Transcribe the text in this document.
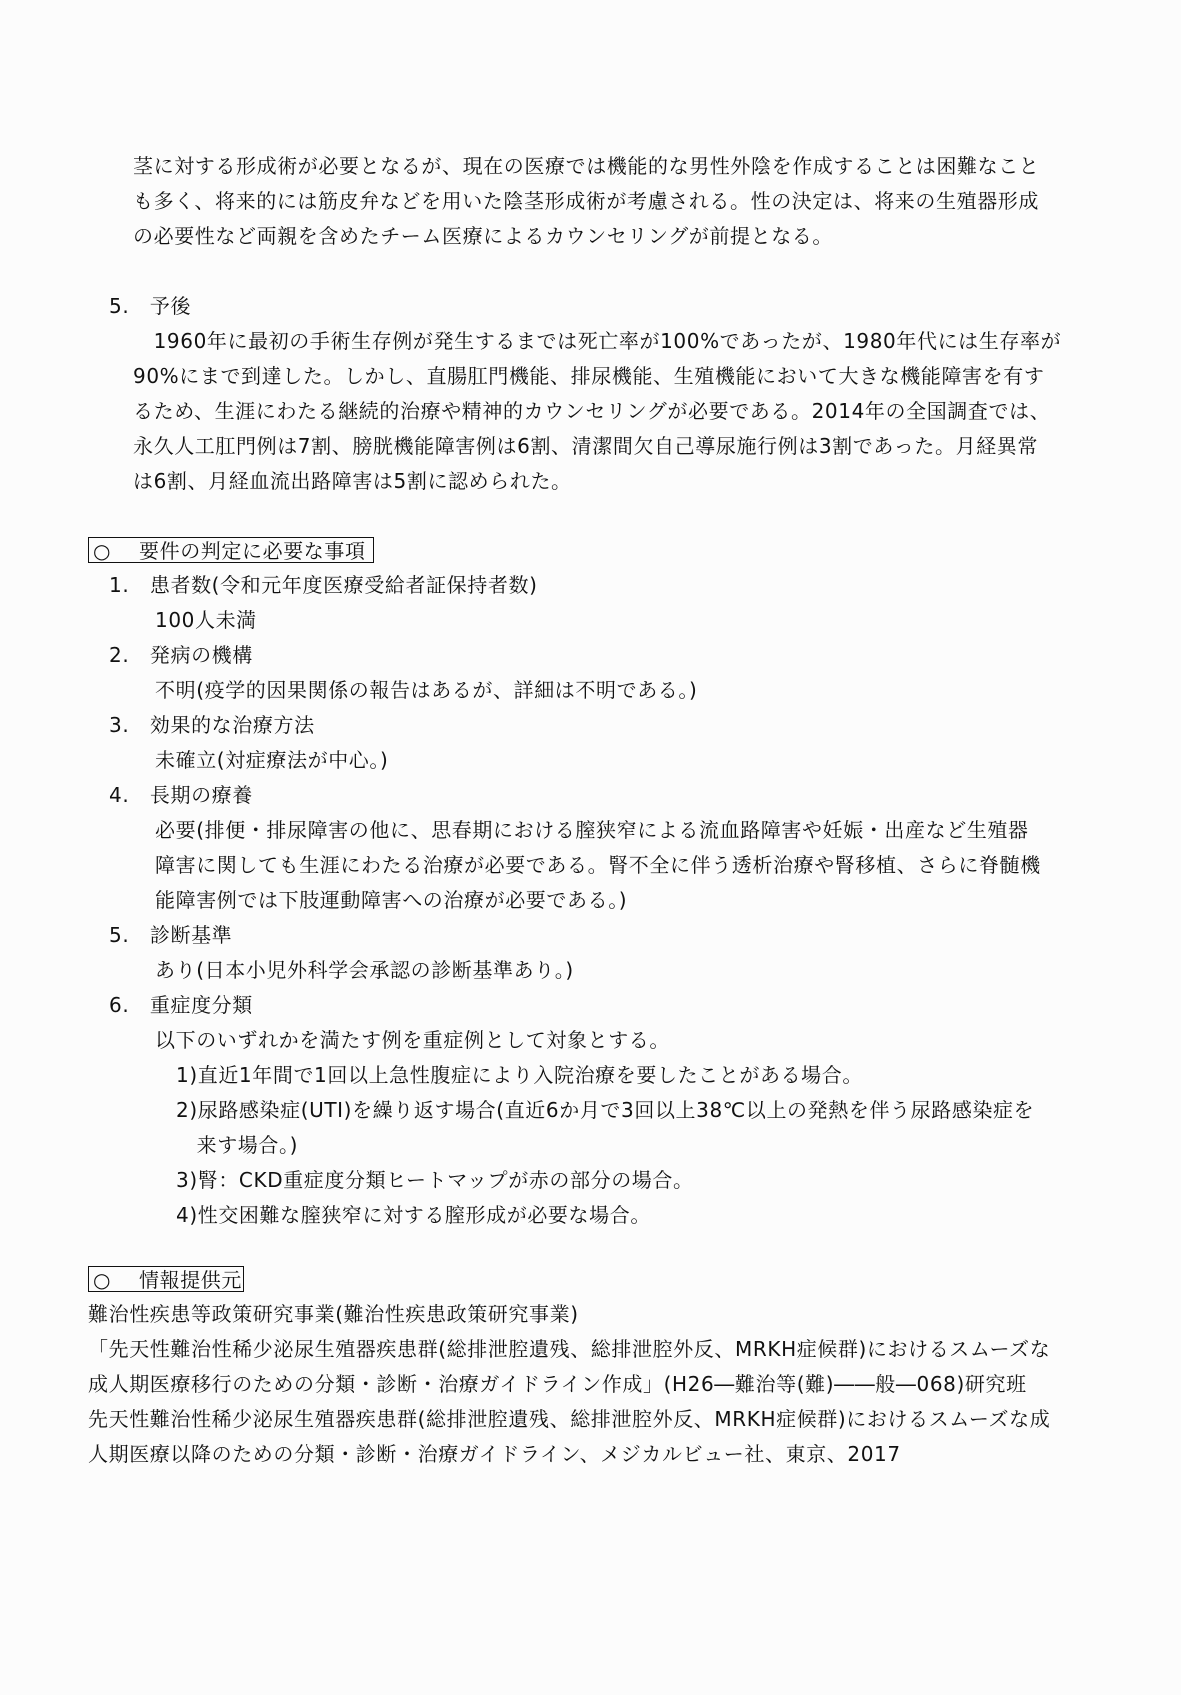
茎に対する形成術が必要となるが、現在の医療では機能的な男性外陰を作成することは困難なこと
も多く、将来的には筋皮弁などを用いた陰茎形成術が考慮される。性の決定は、将来の生殖器形成
の必要性など両親を含めたチーム医療によるカウンセリングが前提となる。
5.　予後
　1960年に最初の手術生存例が発生するまでは死亡率が100%であったが、1980年代には生存率が
90%にまで到達した。しかし、直腸肛門機能、排尿機能、生殖機能において大きな機能障害を有す
るため、生涯にわたる継続的治療や精神的カウンセリングが必要である。2014年の全国調査では、
永久人工肛門例は7割、膀胱機能障害例は6割、清潔間欠自己導尿施行例は3割であった。月経異常
は6割、月経血流出路障害は5割に認められた。
○ 要件の判定に必要な事項
1.　患者数(令和元年度医療受給者証保持者数)
100人未満
2.　発病の機構
不明(疫学的因果関係の報告はあるが、詳細は不明である。)
3.　効果的な治療方法
未確立(対症療法が中心。)
4.　長期の療養
必要(排便・排尿障害の他に、思春期における膣狭窄による流血路障害や妊娠・出産など生殖器
障害に関しても生涯にわたる治療が必要である。腎不全に伴う透析治療や腎移植、さらに脊髄機
能障害例では下肢運動障害への治療が必要である。)
5.　診断基準
あり(日本小児外科学会承認の診断基準あり。)
6.　重症度分類
以下のいずれかを満たす例を重症例として対象とする。
1)直近1年間で1回以上急性腹症により入院治療を要したことがある場合。
2)尿路感染症(UTI)を繰り返す場合(直近6か月で3回以上38℃以上の発熱を伴う尿路感染症を
　来す場合。)
3)腎：CKD重症度分類ヒートマップが赤の部分の場合。
4)性交困難な膣狭窄に対する膣形成が必要な場合。
○ 情報提供元
難治性疾患等政策研究事業(難治性疾患政策研究事業)
「先天性難治性稀少泌尿生殖器疾患群(総排泄腔遺残、総排泄腔外反、MRKH症候群)におけるスムーズな
成人期医療移行のための分類・診断・治療ガイドライン作成」(H26―難治等(難)――般―068)研究班
先天性難治性稀少泌尿生殖器疾患群(総排泄腔遺残、総排泄腔外反、MRKH症候群)におけるスムーズな成
人期医療以降のための分類・診断・治療ガイドライン、メジカルビュー社、東京、2017
